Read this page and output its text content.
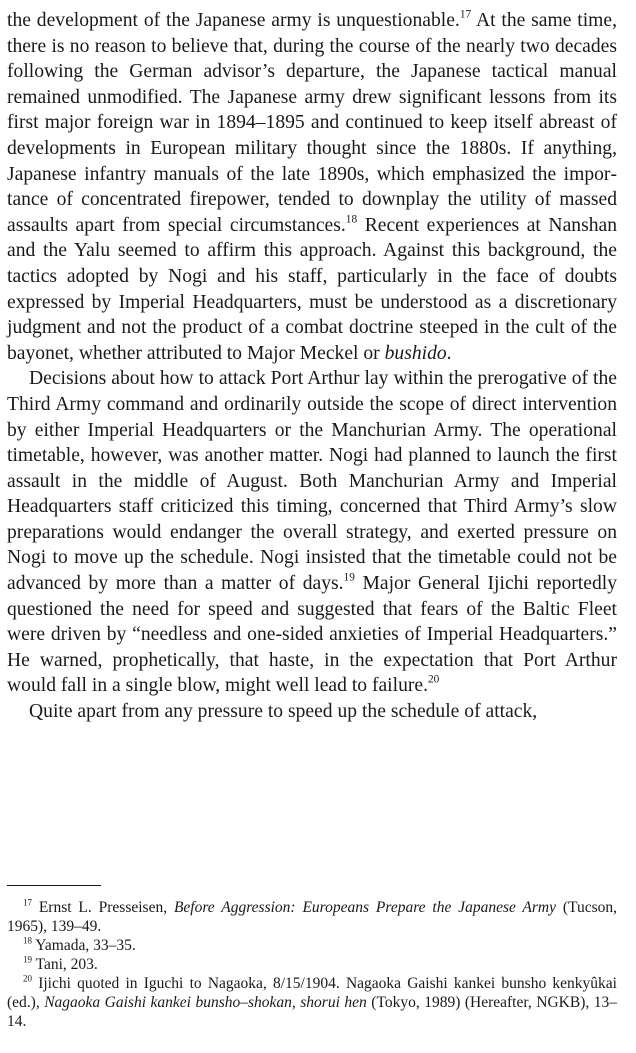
the development of the Japanese army is unquestionable.$^{17}$ At the same time, there is no reason to believe that, during the course of the nearly two decades following the German advisor’s departure, the Japanese tactical manual remained unmodified. The Japanese army drew significant lessons from its first major foreign war in 1894–1895 and continued to keep itself abreast of developments in European military thought since the 1880s. If anything, Japanese infantry manuals of the late 1890s, which emphasized the importance of concentrated firepower, tended to downplay the utility of massed assaults apart from special circumstances.$^{18}$ Recent experiences at Nanshan and the Yalu seemed to affirm this approach. Against this background, the tactics adopted by Nogi and his staff, particularly in the face of doubts expressed by Imperial Headquarters, must be understood as a discretionary judgment and not the product of a combat doctrine steeped in the cult of the bayonet, whether attributed to Major Meckel or bushido.

Decisions about how to attack Port Arthur lay within the prerogative of the Third Army command and ordinarily outside the scope of direct intervention by either Imperial Headquarters or the Manchurian Army. The operational timetable, however, was another matter. Nogi had planned to launch the first assault in the middle of August. Both Manchurian Army and Imperial Headquarters staff criticized this timing, concerned that Third Army’s slow preparations would endanger the overall strategy, and exerted pressure on Nogi to move up the schedule. Nogi insisted that the timetable could not be advanced by more than a matter of days.$^{19}$ Major General Ijichi reportedly questioned the need for speed and suggested that fears of the Baltic Fleet were driven by “needless and one-sided anxieties of Imperial Headquarters.” He warned, prophetically, that haste, in the expectation that Port Arthur would fall in a single blow, might well lead to failure.$^{20}$

Quite apart from any pressure to speed up the schedule of attack,

$^{17}$ Ernst L. Presseisen, Before Aggression: Europeans Prepare the Japanese Army (Tucson, 1965), 139–49.

$^{18}$ Yamada, 33–35.

$^{19}$ Tani, 203.

$^{20}$ Ijichi quoted in Iguchi to Nagaoka, 8/15/1904. Nagaoka Gaishi kankei bunsho kenkyûkai (ed.), Nagaoka Gaishi kankei bunsho–shokan, shorui hen (Tokyo, 1989) (Hereafter, NGKB), 13–14.
